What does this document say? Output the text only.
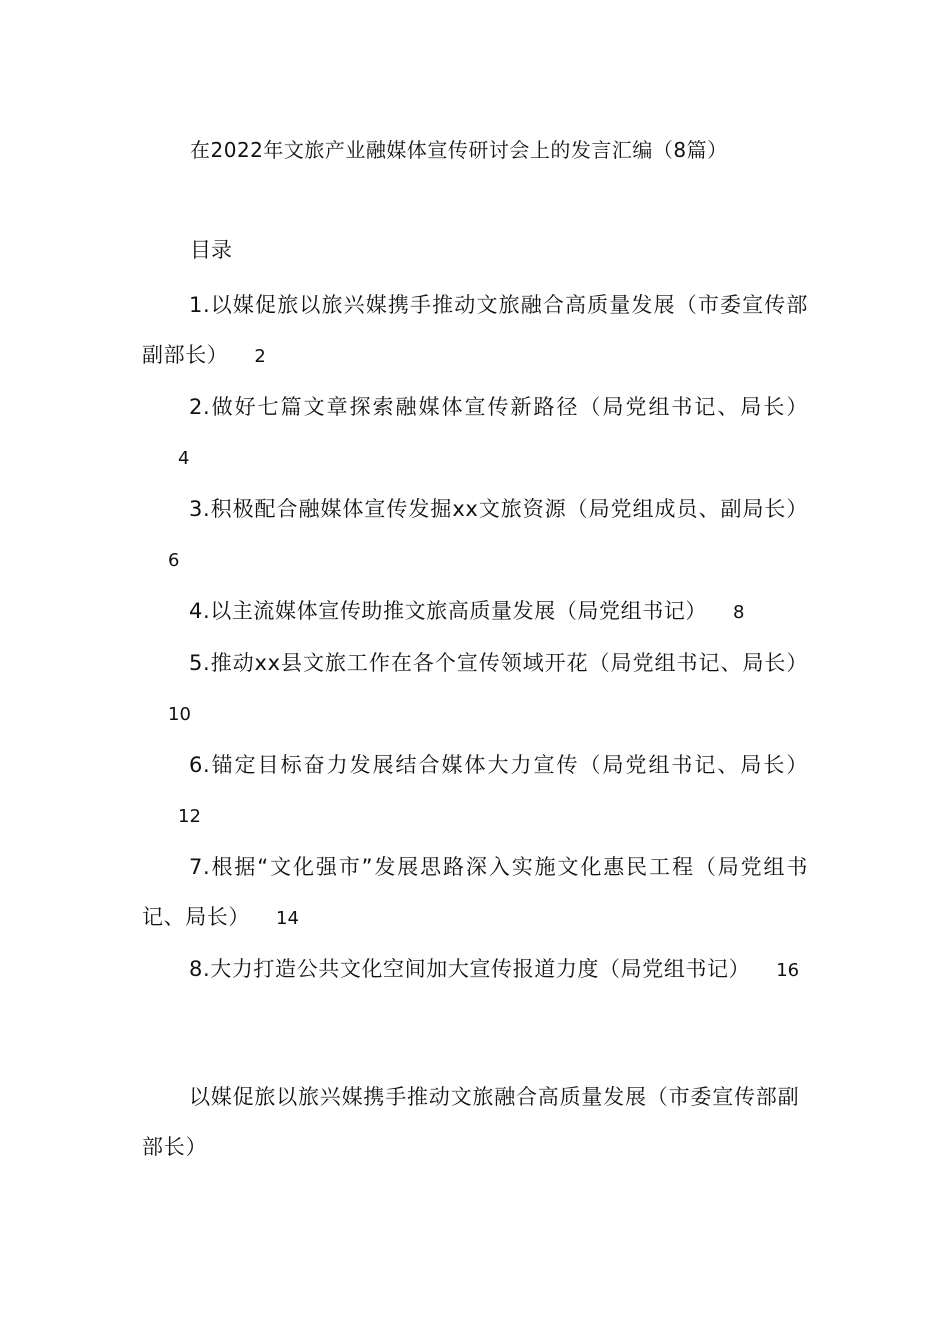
在2022年文旅产业融媒体宣传研讨会上的发言汇编（8篇）
目录
1.以媒促旅以旅兴媒携手推动文旅融合高质量发展（市委宣传部副部长） 2
2.做好七篇文章探索融媒体宣传新路径（局党组书记、局长）4
3.积极配合融媒体宣传发掘xx文旅资源（局党组成员、副局长）6
4.以主流媒体宣传助推文旅高质量发展（局党组书记） 8
5.推动xx县文旅工作在各个宣传领域开花（局党组书记、局长）10
6.锚定目标奋力发展结合媒体大力宣传（局党组书记、局长）12
7.根据“文化强市”发展思路深入实施文化惠民工程（局党组书记、局长） 14
8.大力打造公共文化空间加大宣传报道力度（局党组书记） 16
以媒促旅以旅兴媒携手推动文旅融合高质量发展（市委宣传部副部长）
